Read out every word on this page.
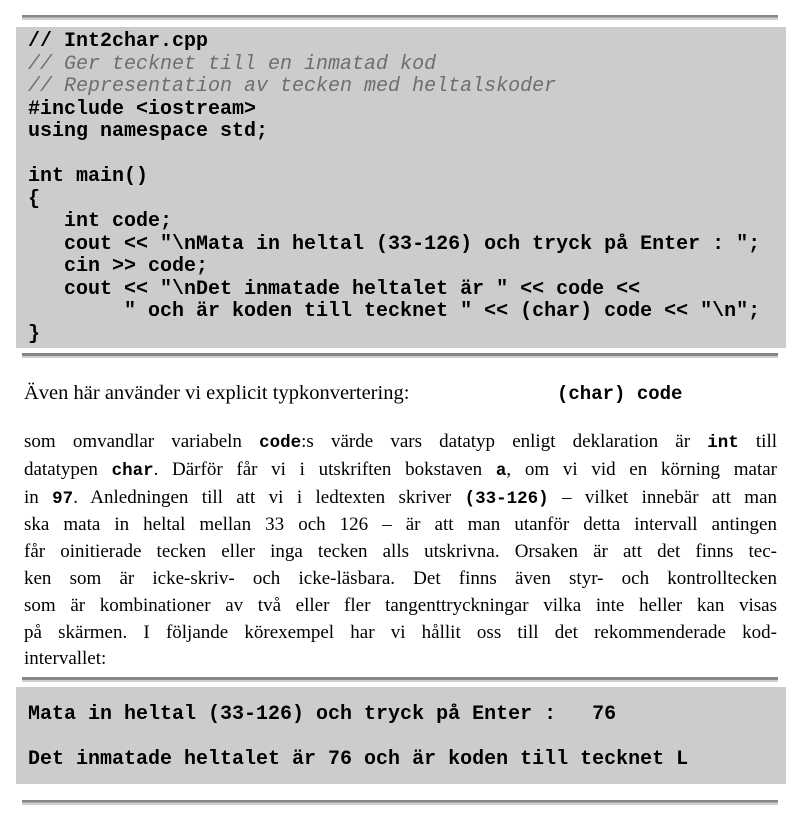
// Int2char.cpp
// Ger tecknet till en inmatad kod
// Representation av tecken med heltalskoder
#include <iostream>
using namespace std;

int main()
{
int code;
cout << "\nMata in heltal (33-126) och tryck på Enter : ";
cin >> code;
cout << "\nDet inmatade heltalet är " << code <<
" och är koden till tecknet " << (char) code << "\n";
}
Även här använder vi explicit typkonvertering:	(char) code
som omvandlar variabeln code:s värde vars datatyp enligt deklaration är int till
datatypen char. Därför får vi i utskriften bokstaven a, om vi vid en körning matar
in 97. Anledningen till att vi i ledtexten skriver (33-126) – vilket innebär att man
ska mata in heltal mellan 33 och 126 – är att man utanför detta intervall antingen
får oinitierade tecken eller inga tecken alls utskrivna. Orsaken är att det finns tec-
ken som är icke-skriv- och icke-läsbara. Det finns även styr- och kontrolltecken
som är kombinationer av två eller fler tangenttryckningar vilka inte heller kan visas
på skärmen. I följande körexempel har vi hållit oss till det rekommenderade kod-
intervallet:
Mata in heltal (33-126) och tryck på Enter :   76

Det inmatade heltalet är 76 och är koden till tecknet L
